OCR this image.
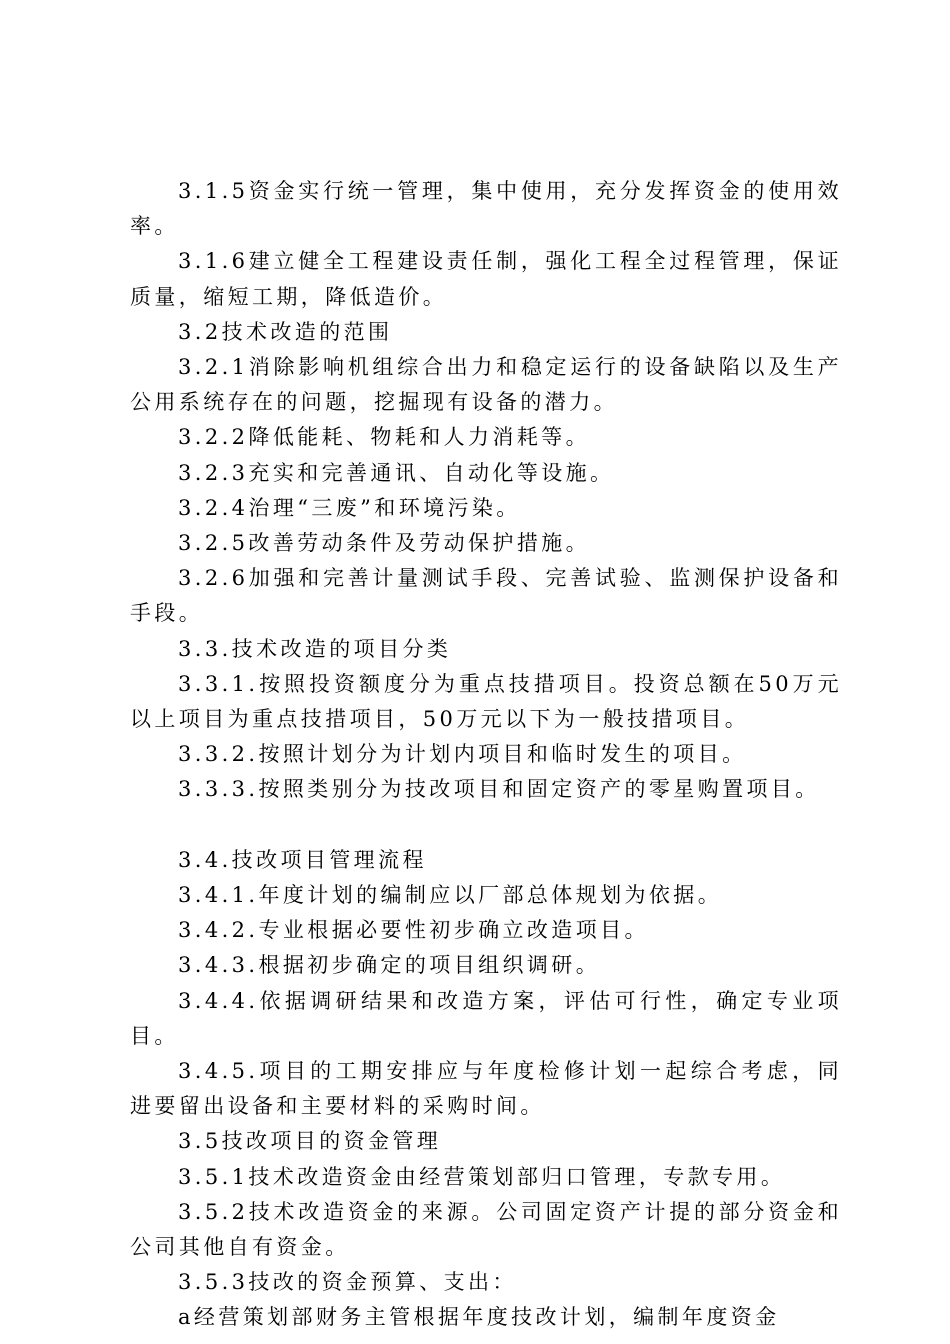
3.1.5资金实行统一管理，集中使用，充分发挥资金的使用效率。

3.1.6建立健全工程建设责任制，强化工程全过程管理，保证质量，缩短工期，降低造价。

3.2技术改造的范围

3.2.1消除影响机组综合出力和稳定运行的设备缺陷以及生产公用系统存在的问题，挖掘现有设备的潜力。

3.2.2降低能耗、物耗和人力消耗等。

3.2.3充实和完善通讯、自动化等设施。

3.2.4治理“三废”和环境污染。

3.2.5改善劳动条件及劳动保护措施。

3.2.6加强和完善计量测试手段、完善试验、监测保护设备和手段。

3.3.技术改造的项目分类

3.3.1.按照投资额度分为重点技措项目。投资总额在50万元以上项目为重点技措项目，50万元以下为一般技措项目。

3.3.2.按照计划分为计划内项目和临时发生的项目。

3.3.3.按照类别分为技改项目和固定资产的零星购置项目。

3.4.技改项目管理流程

3.4.1.年度计划的编制应以厂部总体规划为依据。

3.4.2.专业根据必要性初步确立改造项目。

3.4.3.根据初步确定的项目组织调研。

3.4.4.依据调研结果和改造方案，评估可行性，确定专业项目。

3.4.5.项目的工期安排应与年度检修计划一起综合考虑，同进要留出设备和主要材料的采购时间。

3.5技改项目的资金管理

3.5.1技术改造资金由经营策划部归口管理，专款专用。

3.5.2技术改造资金的来源。公司固定资产计提的部分资金和公司其他自有资金。

3.5.3技改的资金预算、支出：

a经营策划部财务主管根据年度技改计划，编制年度资金
